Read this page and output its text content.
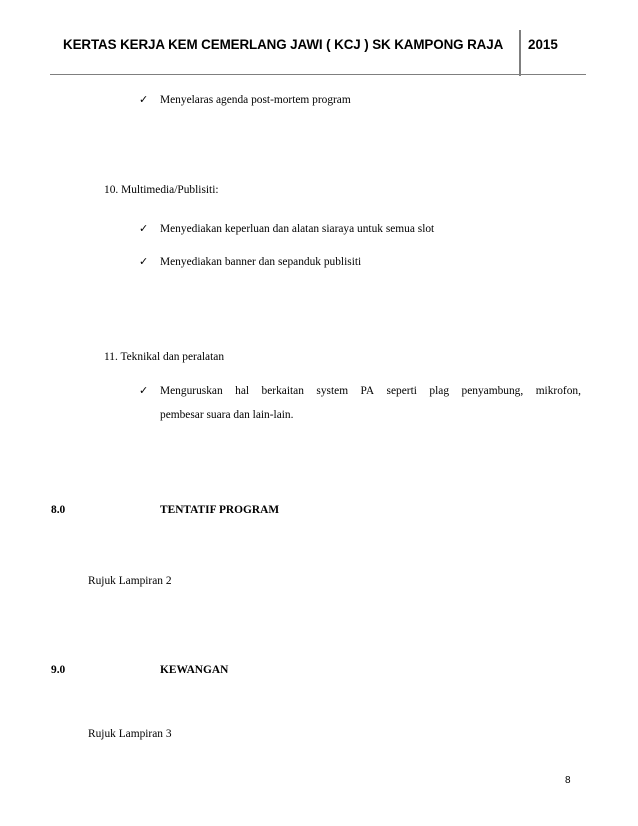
KERTAS KERJA KEM CEMERLANG JAWI ( KCJ ) SK KAMPONG RAJA 2015
✓ Menyelaras agenda post-mortem program
10. Multimedia/Publisiti:
✓ Menyediakan keperluan dan alatan siaraya untuk semua slot
✓ Menyediakan banner dan sepanduk publisiti
11. Teknikal dan peralatan
✓ Menguruskan hal berkaitan system PA seperti plag penyambung, mikrofon,
pembesar suara dan lain-lain.
8.0	TENTATIF PROGRAM
Rujuk Lampiran 2
9.0	KEWANGAN
Rujuk Lampiran 3
8
